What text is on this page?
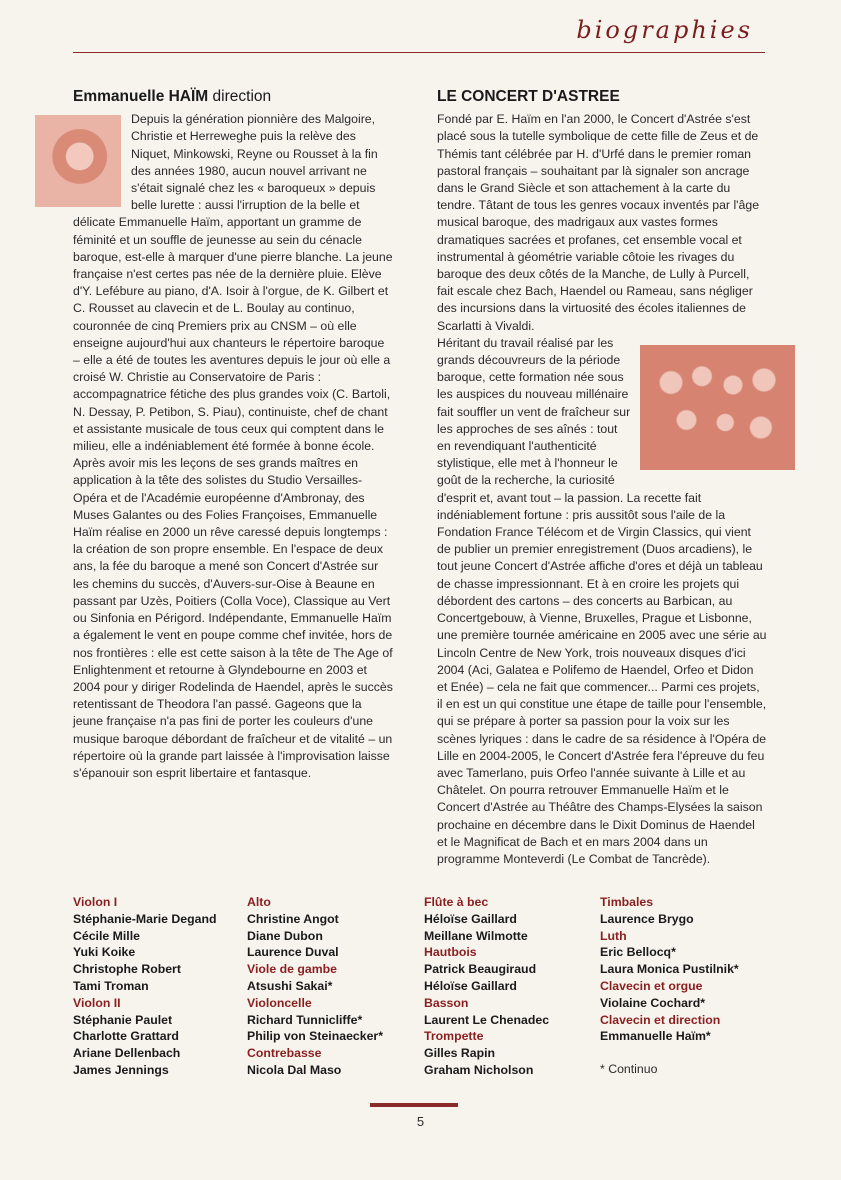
biographies
Emmanuelle HAÏM direction

Depuis la génération pionnière des Malgoire, Christie et Herreweghe puis la relève des Niquet, Minkowski, Reyne ou Rousset à la fin des années 1980, aucun nouvel arrivant ne s'était signalé chez les « baroqueux » depuis belle lurette : aussi l'irruption de la belle et délicate Emmanuelle Haïm, apportant un gramme de féminité et un souffle de jeunesse au sein du cénacle baroque, est-elle à marquer d'une pierre blanche. La jeune française n'est certes pas née de la dernière pluie. Elève d'Y. Lefébure au piano, d'A. Isoir à l'orgue, de K. Gilbert et C. Rousset au clavecin et de L. Boulay au continuo, couronnée de cinq Premiers prix au CNSM – où elle enseigne aujourd'hui aux chanteurs le répertoire baroque – elle a été de toutes les aventures depuis le jour où elle a croisé W. Christie au Conservatoire de Paris : accompagnatrice fétiche des plus grandes voix (C. Bartoli, N. Dessay, P. Petibon, S. Piau), continuiste, chef de chant et assistante musicale de tous ceux qui comptent dans le milieu, elle a indéniablement été formée à bonne école. Après avoir mis les leçons de ses grands maîtres en application à la tête des solistes du Studio Versailles-Opéra et de l'Académie européenne d'Ambronay, des Muses Galantes ou des Folies Françoises, Emmanuelle Haïm réalise en 2000 un rêve caressé depuis longtemps : la création de son propre ensemble. En l'espace de deux ans, la fée du baroque a mené son Concert d'Astrée sur les chemins du succès, d'Auvers-sur-Oise à Beaune en passant par Uzès, Poitiers (Colla Voce), Classique au Vert ou Sinfonia en Périgord. Indépendante, Emmanuelle Haïm a également le vent en poupe comme chef invitée, hors de nos frontières : elle est cette saison à la tête de The Age of Enlightenment et retourne à Glyndebourne en 2003 et 2004 pour y diriger Rodelinda de Haendel, après le succès retentissant de Theodora l'an passé. Gageons que la jeune française n'a pas fini de porter les couleurs d'une musique baroque débordant de fraîcheur et de vitalité – un répertoire où la grande part laissée à l'improvisation laisse s'épanouir son esprit libertaire et fantasque.

LE CONCERT D'ASTREE

Fondé par E. Haïm en l'an 2000, le Concert d'Astrée s'est placé sous la tutelle symbolique de cette fille de Zeus et de Thémis tant célébrée par H. d'Urfé dans le premier roman pastoral français – souhaitant par là signaler son ancrage dans le Grand Siècle et son attachement à la carte du tendre. Tâtant de tous les genres vocaux inventés par l'âge musical baroque, des madrigaux aux vastes formes dramatiques sacrées et profanes, cet ensemble vocal et instrumental à géométrie variable côtoie les rivages du baroque des deux côtés de la Manche, de Lully à Purcell, fait escale chez Bach, Haendel ou Rameau, sans négliger des incursions dans la virtuosité des écoles italiennes de Scarlatti à Vivaldi.

Héritant du travail réalisé par les grands découvreurs de la période baroque, cette formation née sous les auspices du nouveau millénaire fait souffler un vent de fraîcheur sur les approches de ses aînés : tout en revendiquant l'authenticité stylistique, elle met à l'honneur le goût de la recherche, la curiosité d'esprit et, avant tout – la passion. La recette fait indéniablement fortune : pris aussitôt sous l'aile de la Fondation France Télécom et de Virgin Classics, qui vient de publier un premier enregistrement (Duos arcadiens), le tout jeune Concert d'Astrée affiche d'ores et déjà un tableau de chasse impressionnant. Et à en croire les projets qui débordent des cartons – des concerts au Barbican, au Concertgebouw, à Vienne, Bruxelles, Prague et Lisbonne, une première tournée américaine en 2005 avec une série au Lincoln Centre de New York, trois nouveaux disques d'ici 2004 (Aci, Galatea e Polifemo de Haendel, Orfeo et Didon et Enée) – cela ne fait que commencer... Parmi ces projets, il en est un qui constitue une étape de taille pour l'ensemble, qui se prépare à porter sa passion pour la voix sur les scènes lyriques : dans le cadre de sa résidence à l'Opéra de Lille en 2004-2005, le Concert d'Astrée fera l'épreuve du feu avec Tamerlano, puis Orfeo l'année suivante à Lille et au Châtelet. On pourra retrouver Emmanuelle Haïm et le Concert d'Astrée au Théâtre des Champs-Elysées la saison prochaine en décembre dans le Dixit Dominus de Haendel et le Magnificat de Bach et en mars 2004 dans un programme Monteverdi (Le Combat de Tancrède).

Violon I
Stéphanie-Marie Degand
Cécile Mille
Yuki Koike
Christophe Robert
Tami Troman
Violon II
Stéphanie Paulet
Charlotte Grattard
Ariane Dellenbach
James Jennings
Alto
Christine Angot
Diane Dubon
Laurence Duval
Viole de gambe
Atsushi Sakai*
Violoncelle
Richard Tunnicliffe*
Philip von Steinaecker*
Contrebasse
Nicola Dal Maso
Flûte à bec
Héloïse Gaillard
Meillane Wilmotte
Hautbois
Patrick Beaugiraud
Héloïse Gaillard
Basson
Laurent Le Chenadec
Trompette
Gilles Rapin
Graham Nicholson
Timbales
Laurence Brygo
Luth
Eric Bellocq*
Laura Monica Pustilnik*
Clavecin et orgue
Violaine Cochard*
Clavecin et direction
Emmanuelle Haïm*
* Continuo
5
